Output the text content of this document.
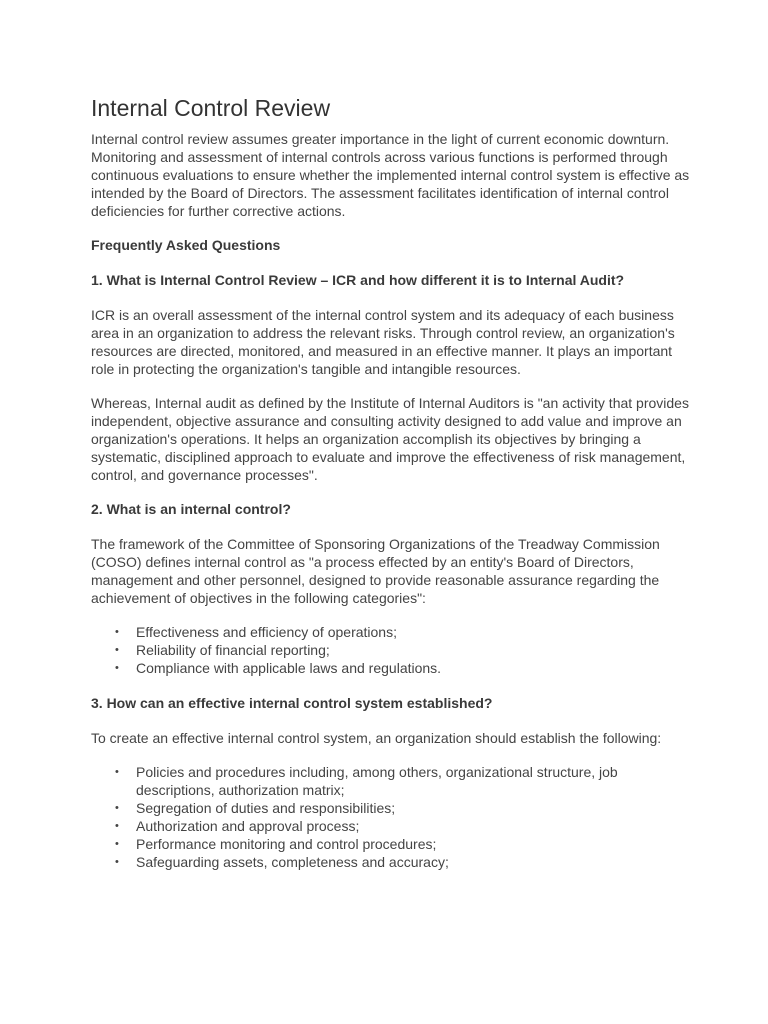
Internal Control Review

Internal control review assumes greater importance in the light of current economic downturn. Monitoring and assessment of internal controls across various functions is performed through continuous evaluations to ensure whether the implemented internal control system is effective as intended by the Board of Directors. The assessment facilitates identification of internal control deficiencies for further corrective actions.

Frequently Asked Questions
1. What is Internal Control Review – ICR and how different it is to Internal Audit?

ICR is an overall assessment of the internal control system and its adequacy of each business area in an organization to address the relevant risks. Through control review, an organization's resources are directed, monitored, and measured in an effective manner. It plays an important role in protecting the organization's tangible and intangible resources.

Whereas, Internal audit as defined by the Institute of Internal Auditors is "an activity that provides independent, objective assurance and consulting activity designed to add value and improve an organization's operations. It helps an organization accomplish its objectives by bringing a systematic, disciplined approach to evaluate and improve the effectiveness of risk management, control, and governance processes".

2. What is an internal control?

The framework of the Committee of Sponsoring Organizations of the Treadway Commission (COSO) defines internal control as "a process effected by an entity's Board of Directors, management and other personnel, designed to provide reasonable assurance regarding the achievement of objectives in the following categories":

• Effectiveness and efficiency of operations;
• Reliability of financial reporting;
• Compliance with applicable laws and regulations.
3. How can an effective internal control system established?

To create an effective internal control system, an organization should establish the following:

• Policies and procedures including, among others, organizational structure, job descriptions, authorization matrix;
• Segregation of duties and responsibilities;
• Authorization and approval process;
• Performance monitoring and control procedures;
• Safeguarding assets, completeness and accuracy;
